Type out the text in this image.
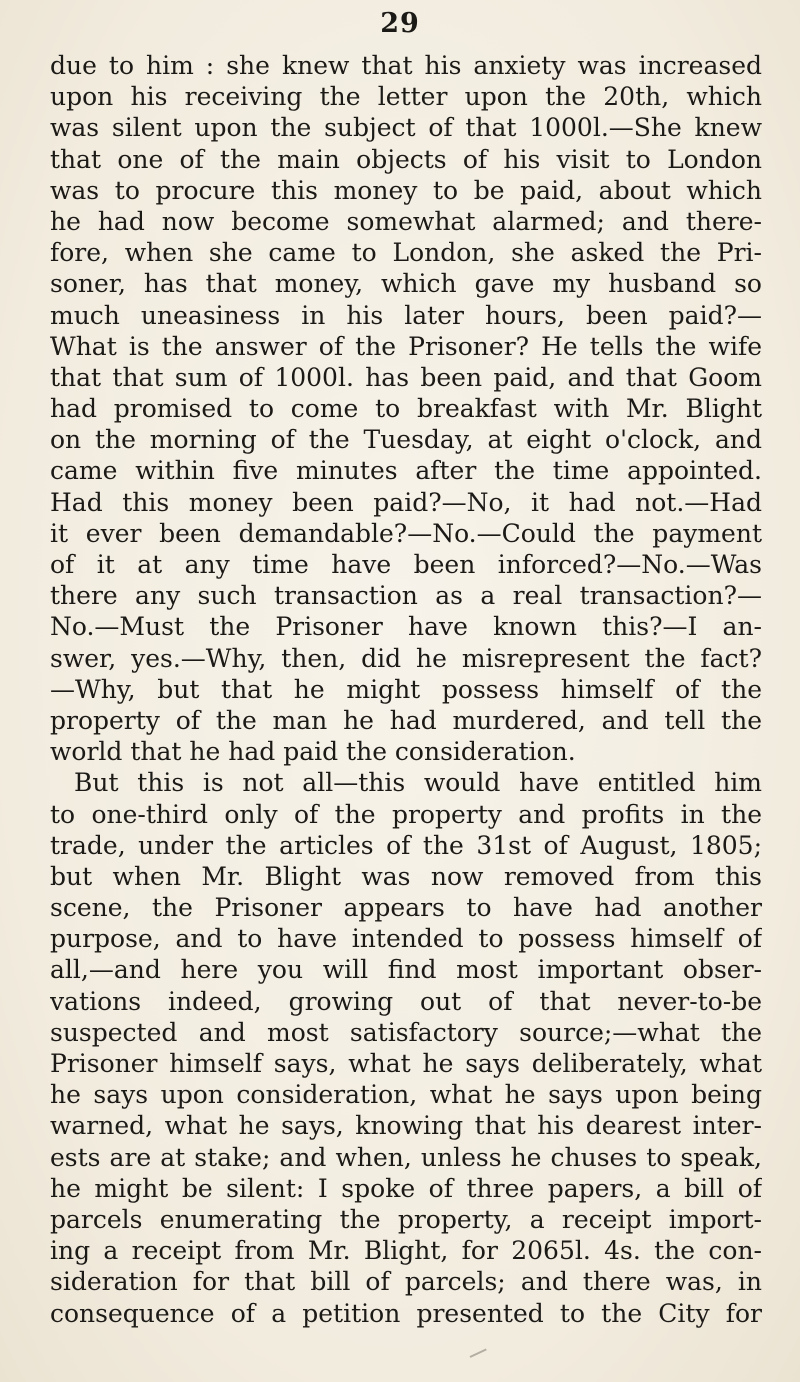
29
due to him : she knew that his anxiety was increased
upon his receiving the letter upon the 20th, which
was silent upon the subject of that 1000l.—She knew
that one of the main objects of his visit to London
was to procure this money to be paid, about which
he had now become somewhat alarmed; and there-
fore, when she came to London, she asked the Pri-
soner, has that money, which gave my husband so
much uneasiness in his later hours, been paid?—
What is the answer of the Prisoner? He tells the wife
that that sum of 1000l. has been paid, and that Goom
had promised to come to breakfast with Mr. Blight
on the morning of the Tuesday, at eight o'clock, and
came within five minutes after the time appointed.
Had this money been paid?—No, it had not.—Had
it ever been demandable?—No.—Could the payment
of it at any time have been inforced?—No.—Was
there any such transaction as a real transaction?—
No.—Must the Prisoner have known this?—I an-
swer, yes.—Why, then, did he misrepresent the fact?
—Why, but that he might possess himself of the
property of the man he had murdered, and tell the
world that he had paid the consideration.
But this is not all—this would have entitled him
to one-third only of the property and profits in the
trade, under the articles of the 31st of August, 1805;
but when Mr. Blight was now removed from this
scene, the Prisoner appears to have had another
purpose, and to have intended to possess himself of
all,—and here you will find most important obser-
vations indeed, growing out of that never-to-be
suspected and most satisfactory source;—what the
Prisoner himself says, what he says deliberately, what
he says upon consideration, what he says upon being
warned, what he says, knowing that his dearest inter-
ests are at stake; and when, unless he chuses to speak,
he might be silent: I spoke of three papers, a bill of
parcels enumerating the property, a receipt import-
ing a receipt from Mr. Blight, for 2065l. 4s. the con-
sideration for that bill of parcels; and there was, in
consequence of a petition presented to the City for
